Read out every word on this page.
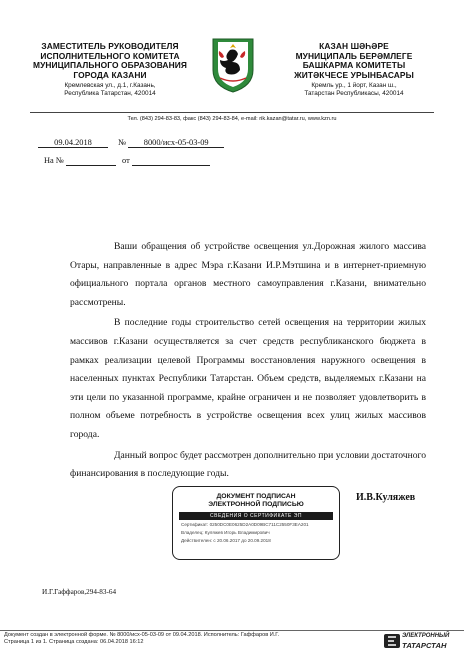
ЗАМЕСТИТЕЛЬ РУКОВОДИТЕЛЯ
ИСПОЛНИТЕЛЬНОГО КОМИТЕТА
МУНИЦИПАЛЬНОГО ОБРАЗОВАНИЯ
ГОРОДА КАЗАНИ
Кремлевская ул., д.1, г.Казань,
Республика Татарстан, 420014
КАЗАН ШӘҺӘРЕ
МУНИЦИПАЛЬ БЕРӘМЛЕГЕ
БАШКАРМА КОМИТЕТЫ
ЖИТӘКЧЕСЕ УРЫНБАСАРЫ
Кремль ур., 1 йорт, Казан ш.,
Татарстан Республикасы, 420014
Тел. (843) 294-83-83, факс (843) 294-83-84, e-mail: rik.kazan@tatar.ru, www.kzn.ru
09.04.2018	№ 8000/исх-05-03-09
На №	от

Ваши обращения об устройстве освещения ул.Дорожная жилого массива Отары, направленные в адрес Мэра г.Казани И.Р.Мэтшина и в интернет-приемную официального портала органов местного самоуправления г.Казани, внимательно рассмотрены.

В последние годы строительство сетей освещения на территории жилых массивов г.Казани осуществляется за счет средств республиканского бюджета в рамках реализации целевой Программы восстановления наружного освещения в населенных пунктах Республики Татарстан. Объем средств, выделяемых г.Казани на эти цели по указанной программе, крайне ограничен и не позволяет удовлетворить в полном объеме потребность в устройстве освещения всех улиц жилых массивов города.

Данный вопрос будет рассмотрен дополнительно при условии достаточного финансирования в последующие годы.

ДОКУМЕНТ ПОДПИСАН
ЭЛЕКТРОННОЙ ПОДПИСЬЮ
СВЕДЕНИЯ О СЕРТИФИКАТЕ ЭП
Сертификат: 0250DC0E0625D2A0D09BC711C2550F3EA201
Владелец: Куляжев Игорь Владимирович
Действителен: с 20.06.2017 до 20.09.2018
И.В.Куляжев
И.Г.Гаффаров,294-83-64
Документ создан в электронной форме. № 8000/исх-05-03-09 от 09.04.2018. Исполнитель: Гаффаров И.Г.
Страница 1 из 1. Страница создана: 06.04.2018 16:12
ЭЛЕКТРОННЫЙ
ТАТАРСТАН
